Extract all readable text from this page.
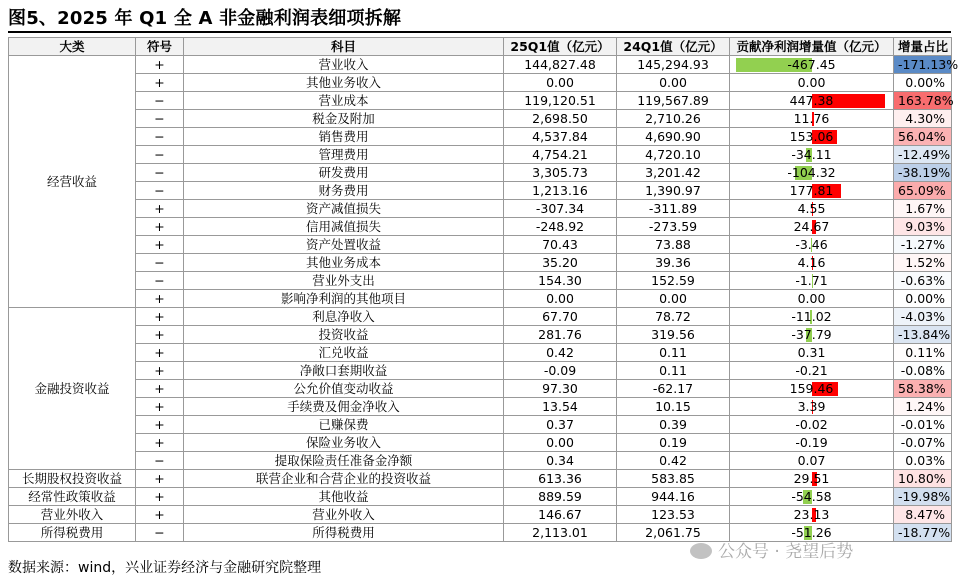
图5、2025 年 Q1 全 A 非金融利润表细项拆解
大类	符号	科目	25Q1值（亿元）	24Q1值（亿元）	贡献净利润增量值（亿元）	增量占比
经营收益	+	营业收入	144,827.48	145,294.93	-467.45	-171.13%
	+	其他业务收入	0.00	0.00	0.00	0.00%
	−	营业成本	119,120.51	119,567.89	447.38	163.78%
	−	税金及附加	2,698.50	2,710.26	11.76	4.30%
	−	销售费用	4,537.84	4,690.90	153.06	56.04%
	−	管理费用	4,754.21	4,720.10	-34.11	-12.49%
	−	研发费用	3,305.73	3,201.42	-104.32	-38.19%
	−	财务费用	1,213.16	1,390.97	177.81	65.09%
	+	资产减值损失	-307.34	-311.89	4.55	1.67%
	+	信用减值损失	-248.92	-273.59	24.67	9.03%
	+	资产处置收益	70.43	73.88	-3.46	-1.27%
	−	其他业务成本	35.20	39.36	4.16	1.52%
	−	营业外支出	154.30	152.59	-1.71	-0.63%
	+	影响净利润的其他项目	0.00	0.00	0.00	0.00%
金融投资收益	+	利息净收入	67.70	78.72	-11.02	-4.03%
	+	投资收益	281.76	319.56	-37.79	-13.84%
	+	汇兑收益	0.42	0.11	0.31	0.11%
	+	净敞口套期收益	-0.09	0.11	-0.21	-0.08%
	+	公允价值变动收益	97.30	-62.17	159.46	58.38%
	+	手续费及佣金净收入	13.54	10.15	3.39	1.24%
	+	已赚保费	0.37	0.39	-0.02	-0.01%
	+	保险业务收入	0.00	0.19	-0.19	-0.07%
	−	提取保险责任准备金净额	0.34	0.42	0.07	0.03%
长期股权投资收益	+	联营企业和合营企业的投资收益	613.36	583.85	29.51	10.80%
经常性政策收益	+	其他收益	889.59	944.16	-54.58	-19.98%
营业外收入	+	营业外收入	146.67	123.53	23.13	8.47%
所得税费用	−	所得税费用	2,113.01	2,061.75	-51.26	-18.77%
数据来源：wind，兴业证券经济与金融研究院整理
公众号 · 尧望后势
